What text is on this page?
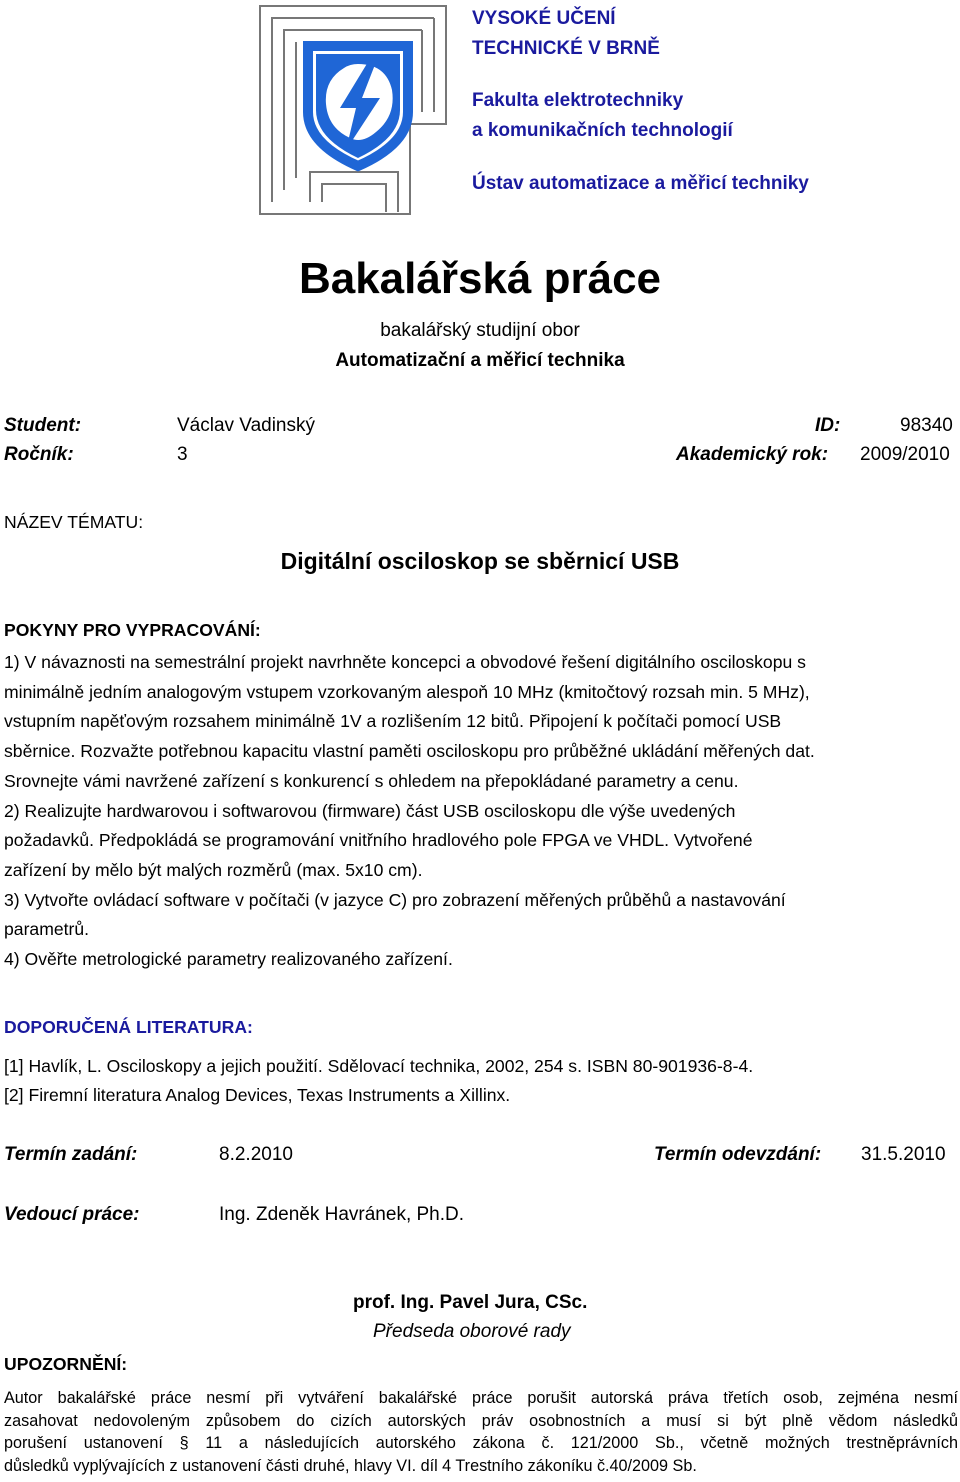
VYSOKÉ UČENÍ
TECHNICKÉ V BRNĚ
Fakulta elektrotechniky
a komunikačních technologií
Ústav automatizace a měřicí techniky
Bakalářská práce
bakalářský studijní obor
Automatizační a měřicí technika
Student:	Václav Vadinský	ID:	98340
Ročník:	3	Akademický rok: 2009/2010
NÁZEV TÉMATU:
Digitální osciloskop se sběrnicí USB
POKYNY PRO VYPRACOVÁNÍ:

1) V návaznosti na semestrální projekt navrhněte koncepci a obvodové řešení digitálního osciloskopu s

minimálně jedním analogovým vstupem vzorkovaným alespoň 10 MHz (kmitočtový rozsah min. 5 MHz),

vstupním napěťovým rozsahem minimálně 1V a rozlišením 12 bitů. Připojení k počítači pomocí USB

sběrnice. Rozvažte potřebnou kapacitu vlastní paměti osciloskopu pro průběžné ukládání měřených dat.

Srovnejte vámi navržené zařízení s konkurencí s ohledem na přepokládané parametry a cenu.

2) Realizujte hardwarovou i softwarovou (firmware) část USB osciloskopu dle výše uvedených

požadavků. Předpokládá se programování vnitřního hradlového pole FPGA ve VHDL. Vytvořené

zařízení by mělo být malých rozměrů (max. 5x10 cm).

3) Vytvořte ovládací software v počítači (v jazyce C) pro zobrazení měřených průběhů a nastavování

parametrů.

4) Ověřte metrologické parametry realizovaného zařízení.

DOPORUČENÁ LITERATURA:
[1] Havlík, L. Osciloskopy a jejich použití. Sdělovací technika, 2002, 254 s. ISBN 80-901936-8-4.
[2] Firemní literatura Analog Devices, Texas Instruments a Xillinx.
Termín zadání:	8.2.2010	Termín odevzdání: 31.5.2010
Vedoucí práce:	Ing. Zdeněk Havránek, Ph.D.
prof. Ing. Pavel Jura, CSc.
Předseda oborové rady
UPOZORNĚNÍ:
Autor bakalářské práce nesmí při vytváření bakalářské práce porušit autorská práva třetích osob, zejména nesmí
zasahovat nedovoleným způsobem do cizích autorských práv osobnostních a musí si být plně vědom následků
porušení ustanovení § 11 a následujících autorského zákona č. 121/2000 Sb., včetně možných trestněprávních
důsledků vyplývajících z ustanovení části druhé, hlavy VI. díl 4 Trestního zákoníku č.40/2009 Sb.
